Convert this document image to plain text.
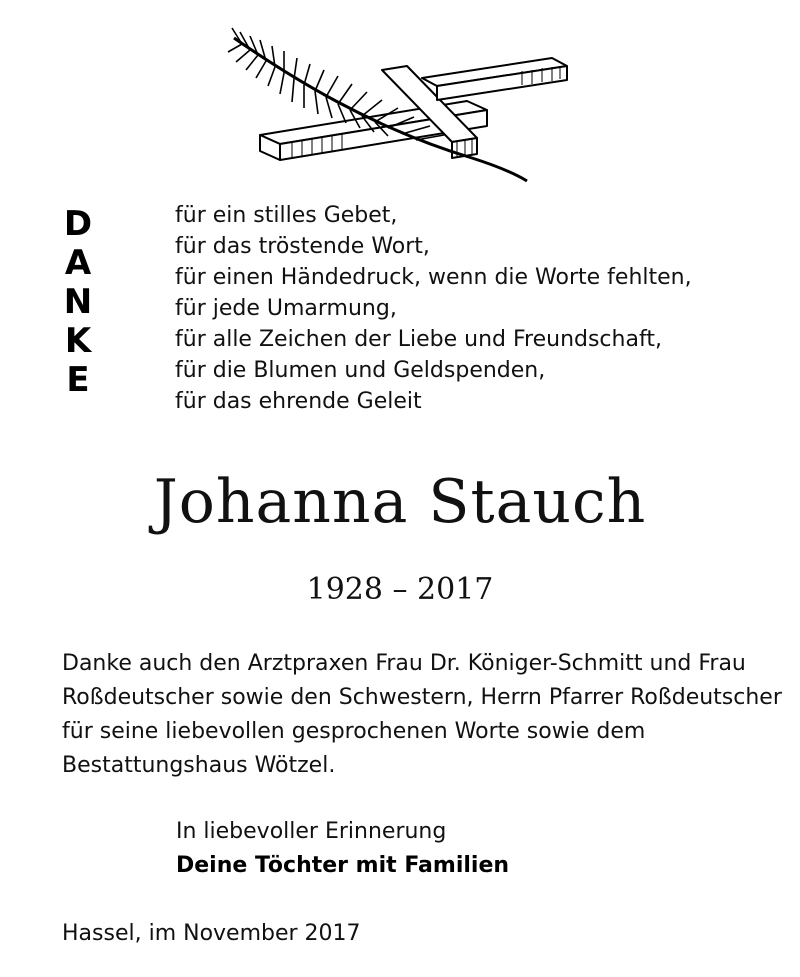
D
A
N
K
E
für ein stilles Gebet,
für das tröstende Wort,
für einen Händedruck, wenn die Worte fehlten,
für jede Umarmung,
für alle Zeichen der Liebe und Freundschaft,
für die Blumen und Geldspenden,
für das ehrende Geleit
Johanna Stauch
1928 – 2017

Danke auch den Arztpraxen Frau Dr. Königer-Schmitt und Frau Roßdeutscher sowie den Schwestern, Herrn Pfarrer Roßdeutscher für seine liebevollen gesprochenen Worte sowie dem Bestattungshaus Wötzel.

In liebevoller Erinnerung
Deine Töchter mit Familien
Hassel, im November 2017
